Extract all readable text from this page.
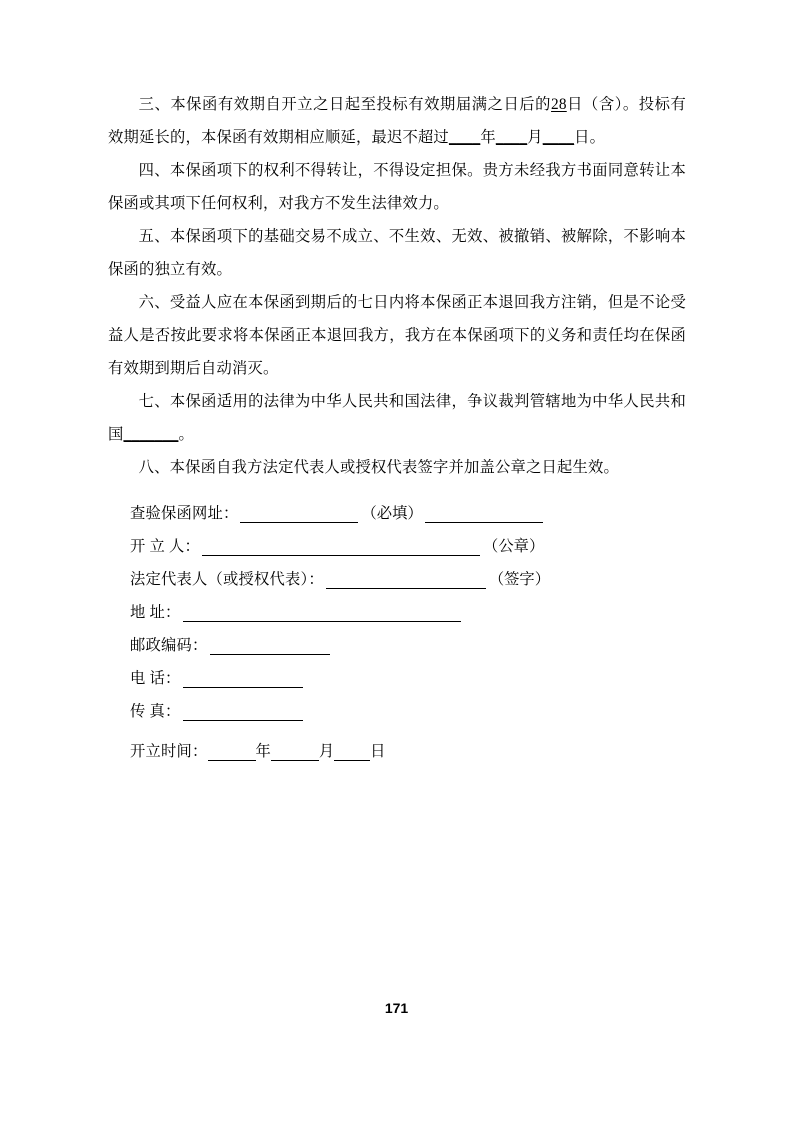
三、本保函有效期自开立之日起至投标有效期届满之日后的28日（含）。投标有效期延长的，本保函有效期相应顺延，最迟不超过____年____月____日。

四、本保函项下的权利不得转让，不得设定担保。贵方未经我方书面同意转让本保函或其项下任何权利，对我方不发生法律效力。

五、本保函项下的基础交易不成立、不生效、无效、被撤销、被解除，不影响本保函的独立有效。

六、受益人应在本保函到期后的七日内将本保函正本退回我方注销，但是不论受益人是否按此要求将本保函正本退回我方，我方在本保函项下的义务和责任均在保函有效期到期后自动消灭。

七、本保函适用的法律为中华人民共和国法律，争议裁判管辖地为中华人民共和国_______。

八、本保函自我方法定代表人或授权代表签字并加盖公章之日起生效。

查验保函网址：	（必填）
开 立 人：	（公章）
法定代表人（或授权代表）：	（签字）
地 址：
邮政编码：
电 话：
传 真：
开立时间：	年	月 日
171
